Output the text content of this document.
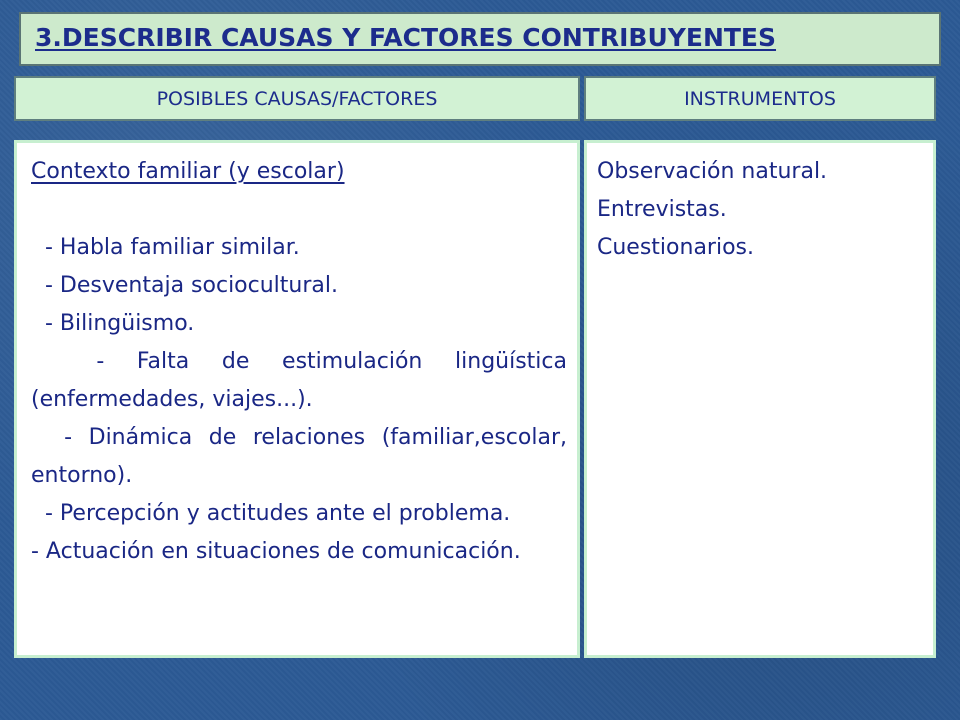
3.DESCRIBIR CAUSAS Y FACTORES CONTRIBUYENTES
POSIBLES CAUSAS/FACTORES	INSTRUMENTOS
Contexto familiar (y escolar)
- Habla familiar similar.
- Desventaja sociocultural.
- Bilingüismo.
- Falta de estimulación lingüística (enfermedades, viajes...).
- Dinámica de relaciones (familiar,escolar, entorno).
- Percepción y actitudes ante el problema.
- Actuación en situaciones de comunicación.
Observación natural.
Entrevistas.
Cuestionarios.
